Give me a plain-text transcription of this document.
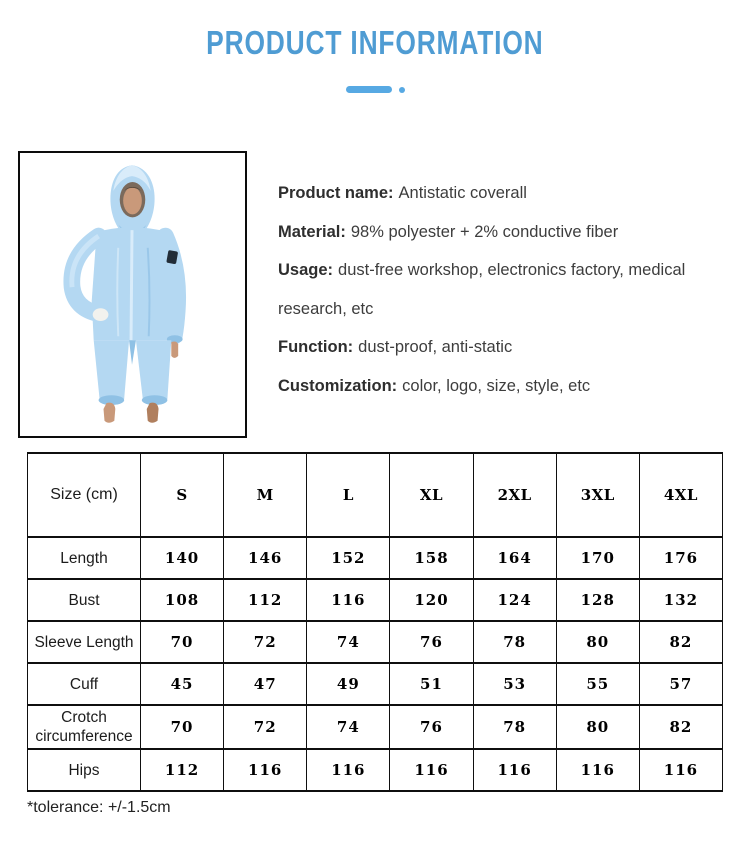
PRODUCT INFORMATION

Product name: Antistatic coverall

Material: 98% polyester + 2% conductive fiber

Usage: dust-free workshop, electronics factory, medical research, etc

Function: dust-proof, anti-static

Customization: color, logo, size, style, etc

Size (cm)	S	M	L	XL	2XL	3XL	4XL
Length	140	146	152	158	164	170	176
Bust	108	112	116	120	124	128	132
Sleeve Length	70	72	74	76	78	80	82
Cuff	45	47	49	51	53	55	57
Crotch circumference	70	72	74	76	78	80	82
Hips	112	116	116	116	116	116	116
*tolerance: +/-1.5cm
